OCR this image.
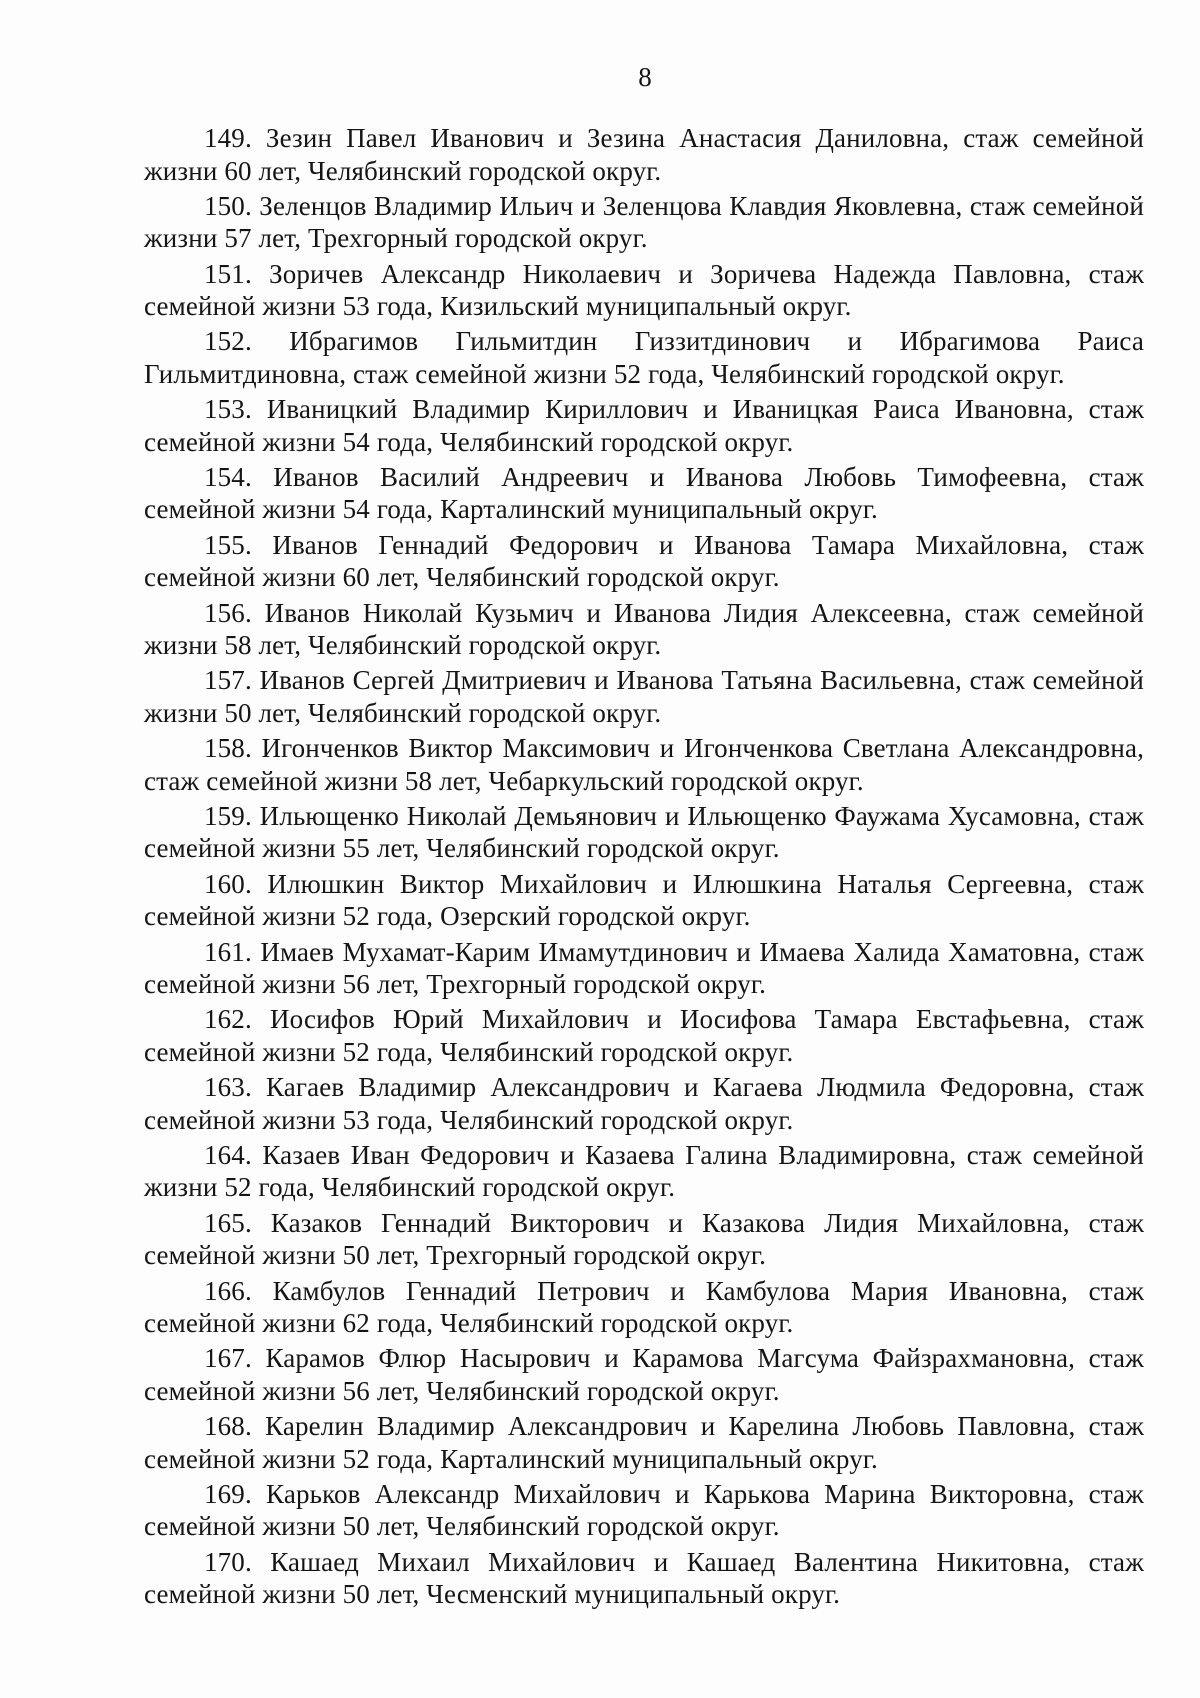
8

149. Зезин Павел Иванович и Зезина Анастасия Даниловна, стаж семейной жизни 60 лет, Челябинский городской округ.

150. Зеленцов Владимир Ильич и Зеленцова Клавдия Яковлевна, стаж семейной жизни 57 лет, Трехгорный городской округ.

151. Зоричев Александр Николаевич и Зоричева Надежда Павловна, стаж семейной жизни 53 года, Кизильский муниципальный округ.

152. Ибрагимов Гильмитдин Гиззитдинович и Ибрагимова Раиса Гильмитдиновна, стаж семейной жизни 52 года, Челябинский городской округ.

153. Иваницкий Владимир Кириллович и Иваницкая Раиса Ивановна, стаж семейной жизни 54 года, Челябинский городской округ.

154. Иванов Василий Андреевич и Иванова Любовь Тимофеевна, стаж семейной жизни 54 года, Карталинский муниципальный округ.

155. Иванов Геннадий Федорович и Иванова Тамара Михайловна, стаж семейной жизни 60 лет, Челябинский городской округ.

156. Иванов Николай Кузьмич и Иванова Лидия Алексеевна, стаж семейной жизни 58 лет, Челябинский городской округ.

157. Иванов Сергей Дмитриевич и Иванова Татьяна Васильевна, стаж семейной жизни 50 лет, Челябинский городской округ.

158. Игонченков Виктор Максимович и Игонченкова Светлана Александровна, стаж семейной жизни 58 лет, Чебаркульский городской округ.

159. Ильющенко Николай Демьянович и Ильющенко Фаужама Хусамовна, стаж семейной жизни 55 лет, Челябинский городской округ.

160. Илюшкин Виктор Михайлович и Илюшкина Наталья Сергеевна, стаж семейной жизни 52 года, Озерский городской округ.

161. Имаев Мухамат-Карим Имамутдинович и Имаева Халида Хаматовна, стаж семейной жизни 56 лет, Трехгорный городской округ.

162. Иосифов Юрий Михайлович и Иосифова Тамара Евстафьевна, стаж семейной жизни 52 года, Челябинский городской округ.

163. Кагаев Владимир Александрович и Кагаева Людмила Федоровна, стаж семейной жизни 53 года, Челябинский городской округ.

164. Казаев Иван Федорович и Казаева Галина Владимировна, стаж семейной жизни 52 года, Челябинский городской округ.

165. Казаков Геннадий Викторович и Казакова Лидия Михайловна, стаж семейной жизни 50 лет, Трехгорный городской округ.

166. Камбулов Геннадий Петрович и Камбулова Мария Ивановна, стаж семейной жизни 62 года, Челябинский городской округ.

167. Карамов Флюр Насырович и Карамова Магсума Файзрахмановна, стаж семейной жизни 56 лет, Челябинский городской округ.

168. Карелин Владимир Александрович и Карелина Любовь Павловна, стаж семейной жизни 52 года, Карталинский муниципальный округ.

169. Карьков Александр Михайлович и Карькова Марина Викторовна, стаж семейной жизни 50 лет, Челябинский городской округ.

170. Кашаед Михаил Михайлович и Кашаед Валентина Никитовна, стаж семейной жизни 50 лет, Чесменский муниципальный округ.
